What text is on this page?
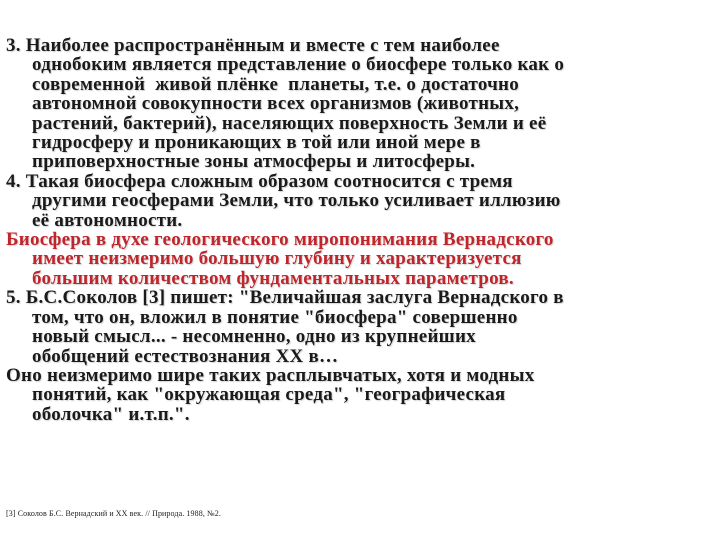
3. Наиболее распространённым и вместе с тем наиболее
однобоким является представление о биосфере только как о
современной  живой плёнке  планеты, т.е. о достаточно
автономной совокупности всех организмов (животных,
растений, бактерий), населяющих поверхность Земли и её
гидросферу и проникающих в той или иной мере в
приповерхностные зоны атмосферы и литосферы.

4. Такая биосфера сложным образом соотносится с тремя
другими геосферами Земли, что только усиливает иллюзию
её автономности.

Биосфера в духе геологического миропонимания Вернадского
имеет неизмеримо большую глубину и характеризуется
большим количеством фундаментальных параметров.

5. Б.С.Соколов [3] пишет: "Величайшая заслуга Вернадского в
том, что он, вложил в понятие "биосфера" совершенно
новый смысл... - несомненно, одно из крупнейших
обобщений естествознания XX в…

Оно неизмеримо шире таких расплывчатых, хотя и модных
понятий, как "окружающая среда", "географическая
оболочка" и.т.п.".

[3] Соколов Б.С. Вернадский и XX век. // Природа. 1988, №2.
